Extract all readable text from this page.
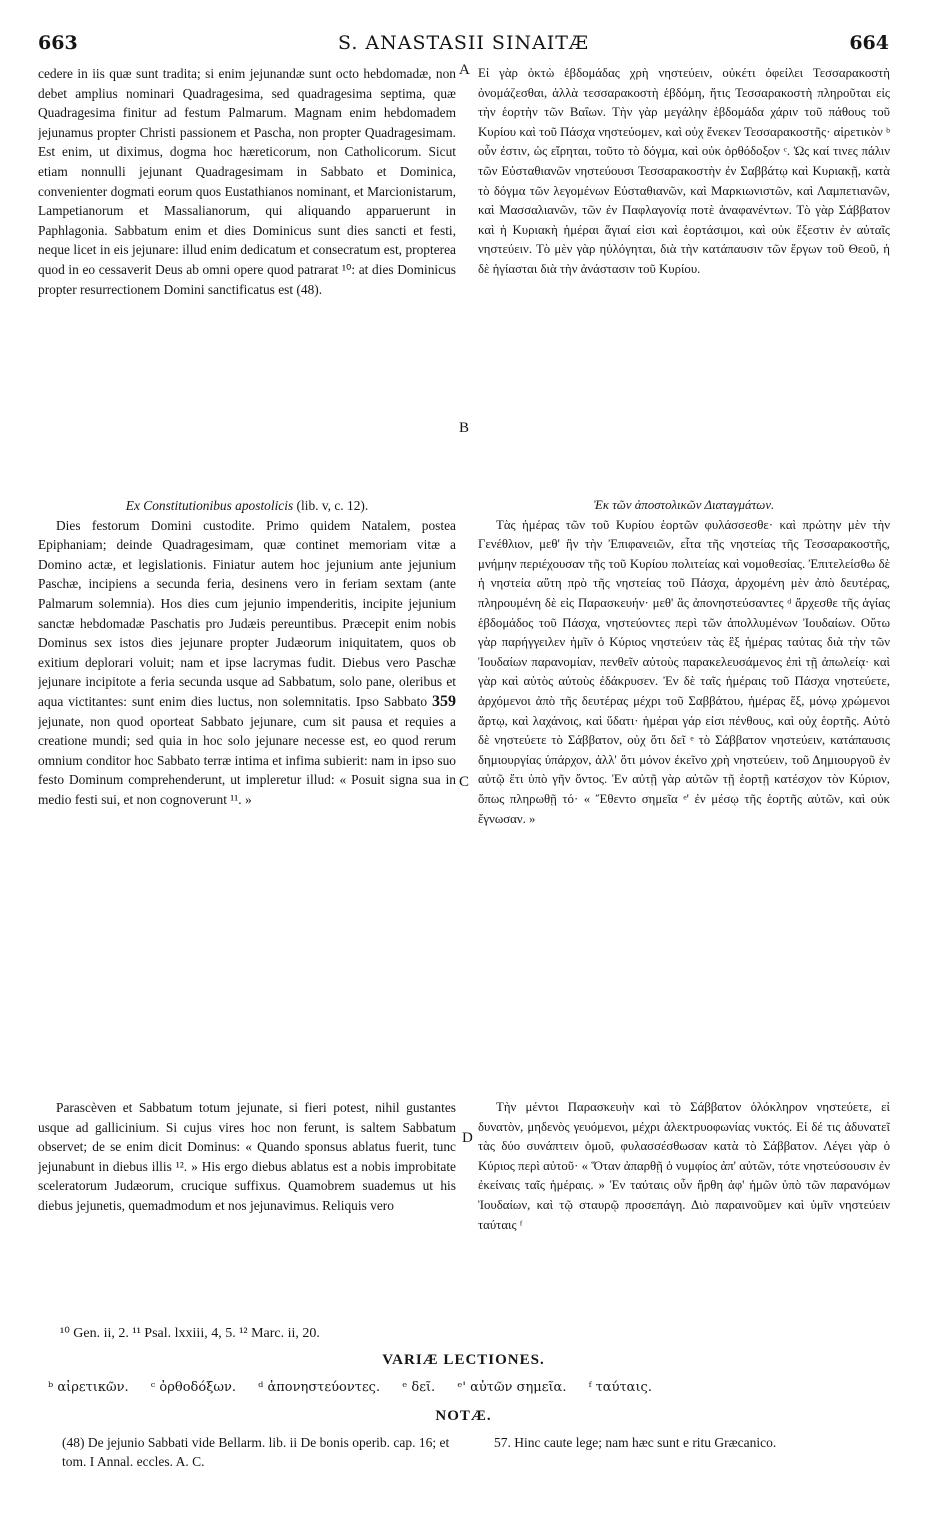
663	S. ANASTASII SINAITÆ	664
A
B
C
D

cedere in iis quæ sunt tradita; si enim jejunandæ sunt octo hebdomadæ, non debet amplius nominari Quadragesima, sed quadragesima septima, quæ Quadragesima finitur ad festum Palmarum. Magnam enim hebdomadem jejunamus propter Christi passionem et Pascha, non propter Quadragesimam. Est enim, ut diximus, dogma hoc hæreticorum, non Catholicorum. Sicut etiam nonnulli jejunant Quadragesimam in Sabbato et Dominica, convenienter dogmati eorum quos Eustathianos nominant, et Marcionistarum, Lampetianorum et Massalianorum, qui aliquando apparuerunt in Paphlagonia. Sabbatum enim et dies Dominicus sunt dies sancti et festi, neque licet in eis jejunare: illud enim dedicatum et consecratum est, propterea quod in eo cessaverit Deus ab omni opere quod patrarat ¹⁰: at dies Dominicus propter resurrectionem Domini sanctificatus est (48).

Ex Constitutionibus apostolicis (lib. v, c. 12).

Dies festorum Domini custodite. Primo quidem Natalem, postea Epiphaniam; deinde Quadragesimam, quæ continet memoriam vitæ a Domino actæ, et legislationis. Finiatur autem hoc jejunium ante jejunium Paschæ, incipiens a secunda feria, desinens vero in feriam sextam (ante Palmarum solemnia). Hos dies cum jejunio impenderitis, incipite jejunium sanctæ hebdomadæ Paschatis pro Judæis pereuntibus. Præcepit enim nobis Dominus sex istos dies jejunare propter Judæorum iniquitatem, quos ob exitium deplorari voluit; nam et ipse lacrymas fudit. Diebus vero Paschæ jejunare incipitote a feria secunda usque ad Sabbatum, solo pane, oleribus et aqua victitantes: sunt enim dies luctus, non solemnitatis. Ipso Sabbato 359 jejunate, non quod oporteat Sabbato jejunare, cum sit pausa et requies a creatione mundi; sed quia in hoc solo jejunare necesse est, eo quod rerum omnium conditor hoc Sabbato terræ intima et infima subierit: nam in ipso suo festo Dominum comprehenderunt, ut impleretur illud: « Posuit signa sua in medio festi sui, et non cognoverunt ¹¹. »

Parascèven et Sabbatum totum jejunate, si fieri potest, nihil gustantes usque ad gallicinium. Si cujus vires hoc non ferunt, is saltem Sabbatum observet; de se enim dicit Dominus: « Quando sponsus ablatus fuerit, tunc jejunabunt in diebus illis ¹². » His ergo diebus ablatus est a nobis improbitate sceleratorum Judæorum, crucique suffixus. Quamobrem suademus ut his diebus jejunetis, quemadmodum et nos jejunavimus. Reliquis vero

Εἰ γὰρ ὀκτὼ ἑβδομάδας χρὴ νηστεύειν, οὐκέτι ὀφείλει Τεσσαρακοστὴ ὀνομάζεσθαι, ἀλλὰ τεσσαρακοστὴ ἑβδόμη, ἥτις Τεσσαρακοστὴ πληροῦται εἰς τὴν ἑορτὴν τῶν Βαΐων. Τὴν γὰρ μεγάλην ἑβδομάδα χάριν τοῦ πάθους τοῦ Κυρίου καὶ τοῦ Πάσχα νηστεύομεν, καὶ οὐχ ἕνεκεν Τεσσαρακοστῆς· αἱρετικὸν ᵇ οὖν ἐστιν, ὡς εἴρηται, τοῦτο τὸ δόγμα, καὶ οὐκ ὀρθόδοξον ᶜ. Ὡς καί τινες πάλιν τῶν Εὐσταθιανῶν νηστεύουσι Τεσσαρακοστὴν ἐν Σαββάτῳ καὶ Κυριακῇ, κατὰ τὸ δόγμα τῶν λεγομένων Εὐσταθιανῶν, καὶ Μαρκιωνιστῶν, καὶ Λαμπετιανῶν, καὶ Μασσαλιανῶν, τῶν ἐν Παφλαγονίᾳ ποτὲ ἀναφανέντων. Τὸ γὰρ Σάββατον καὶ ἡ Κυριακὴ ἡμέραι ἅγιαί εἰσι καὶ ἑορτάσιμοι, καὶ οὐκ ἔξεστιν ἐν αὐταῖς νηστεύειν. Τὸ μὲν γὰρ ηὐλόγηται, διὰ τὴν κατάπαυσιν τῶν ἔργων τοῦ Θεοῦ, ἡ δὲ ἡγίασται διὰ τὴν ἀνάστασιν τοῦ Κυρίου.

Ἐκ τῶν ἀποστολικῶν Διαταγμάτων.

Τὰς ἡμέρας τῶν τοῦ Κυρίου ἑορτῶν φυλάσσεσθε· καὶ πρώτην μὲν τὴν Γενέθλιον, μεθ' ἣν τὴν Ἐπιφανειῶν, εἶτα τῆς νηστείας τῆς Τεσσαρακοστῆς, μνήμην περιέχουσαν τῆς τοῦ Κυρίου πολιτείας καὶ νομοθεσίας. Ἐπιτελείσθω δὲ ἡ νηστεία αὕτη πρὸ τῆς νηστείας τοῦ Πάσχα, ἀρχομένη μὲν ἀπὸ δευτέρας, πληρουμένη δὲ εἰς Παρασκευήν· μεθ' ἃς ἀπονηστεύσαντες ᵈ ἄρχεσθε τῆς ἁγίας ἑβδομάδος τοῦ Πάσχα, νηστεύοντες περὶ τῶν ἀπολλυμένων Ἰουδαίων. Οὕτω γὰρ παρήγγειλεν ἡμῖν ὁ Κύριος νηστεύειν τὰς ἓξ ἡμέρας ταύτας διὰ τὴν τῶν Ἰουδαίων παρανομίαν, πενθεῖν αὐτοὺς παρακελευσάμενος ἐπὶ τῇ ἀπωλείᾳ· καὶ γὰρ καὶ αὐτὸς αὐτοὺς ἐδάκρυσεν. Ἐν δὲ ταῖς ἡμέραις τοῦ Πάσχα νηστεύετε, ἀρχόμενοι ἀπὸ τῆς δευτέρας μέχρι τοῦ Σαββάτου, ἡμέρας ἕξ, μόνῳ χρώμενοι ἄρτῳ, καὶ λαχάνοις, καὶ ὕδατι· ἡμέραι γάρ εἰσι πένθους, καὶ οὐχ ἑορτῆς. Αὐτὸ δὲ νηστεύετε τὸ Σάββατον, οὐχ ὅτι δεῖ ᵉ τὸ Σάββατον νηστεύειν, κατάπαυσις δημιουργίας ὑπάρχον, ἀλλ' ὅτι μόνον ἐκεῖνο χρὴ νηστεύειν, τοῦ Δημιουργοῦ ἐν αὐτῷ ἔτι ὑπὸ γῆν ὄντος. Ἐν αὐτῇ γὰρ αὐτῶν τῇ ἑορτῇ κατέσχον τὸν Κύριον, ὅπως πληρωθῇ τό· « Ἔθεντο σημεῖα ᵉ' ἐν μέσῳ τῆς ἑορτῆς αὐτῶν, καὶ οὐκ ἔγνωσαν. »

Τὴν μέντοι Παρασκευὴν καὶ τὸ Σάββατον ὁλόκληρον νηστεύετε, εἰ δυνατὸν, μηδενὸς γευόμενοι, μέχρι ἀλεκτρυοφωνίας νυκτός. Εἰ δέ τις ἀδυνατεῖ τὰς δύο συνάπτειν ὁμοῦ, φυλασσέσθωσαν κατὰ τὸ Σάββατον. Λέγει γὰρ ὁ Κύριος περὶ αὐτοῦ· « Ὅταν ἀπαρθῇ ὁ νυμφίος ἀπ' αὐτῶν, τότε νηστεύσουσιν ἐν ἐκείναις ταῖς ἡμέραις. » Ἐν ταύταις οὖν ἤρθη ἀφ' ἡμῶν ὑπὸ τῶν παρανόμων Ἰουδαίων, καὶ τῷ σταυρῷ προσεπάγη. Διὸ παραινοῦμεν καὶ ὑμῖν νηστεύειν ταύταις ᶠ

¹⁰ Gen. ii, 2. ¹¹ Psal. lxxiii, 4, 5. ¹² Marc. ii, 20.
VARIÆ LECTIONES.
ᵇ αἱρετικῶν. ᶜ ὀρθοδόξων. ᵈ ἀπονηστεύοντες. ᵉ δεῖ. ᵉ' αὐτῶν σημεῖα. ᶠ ταύταις.
NOTÆ.
(48) De jejunio Sabbati vide Bellarm. lib. ii De bonis operib. cap. 16; et tom. I Annal. eccles. A. C.
57. Hinc caute lege; nam hæc sunt e ritu Græcanico.
